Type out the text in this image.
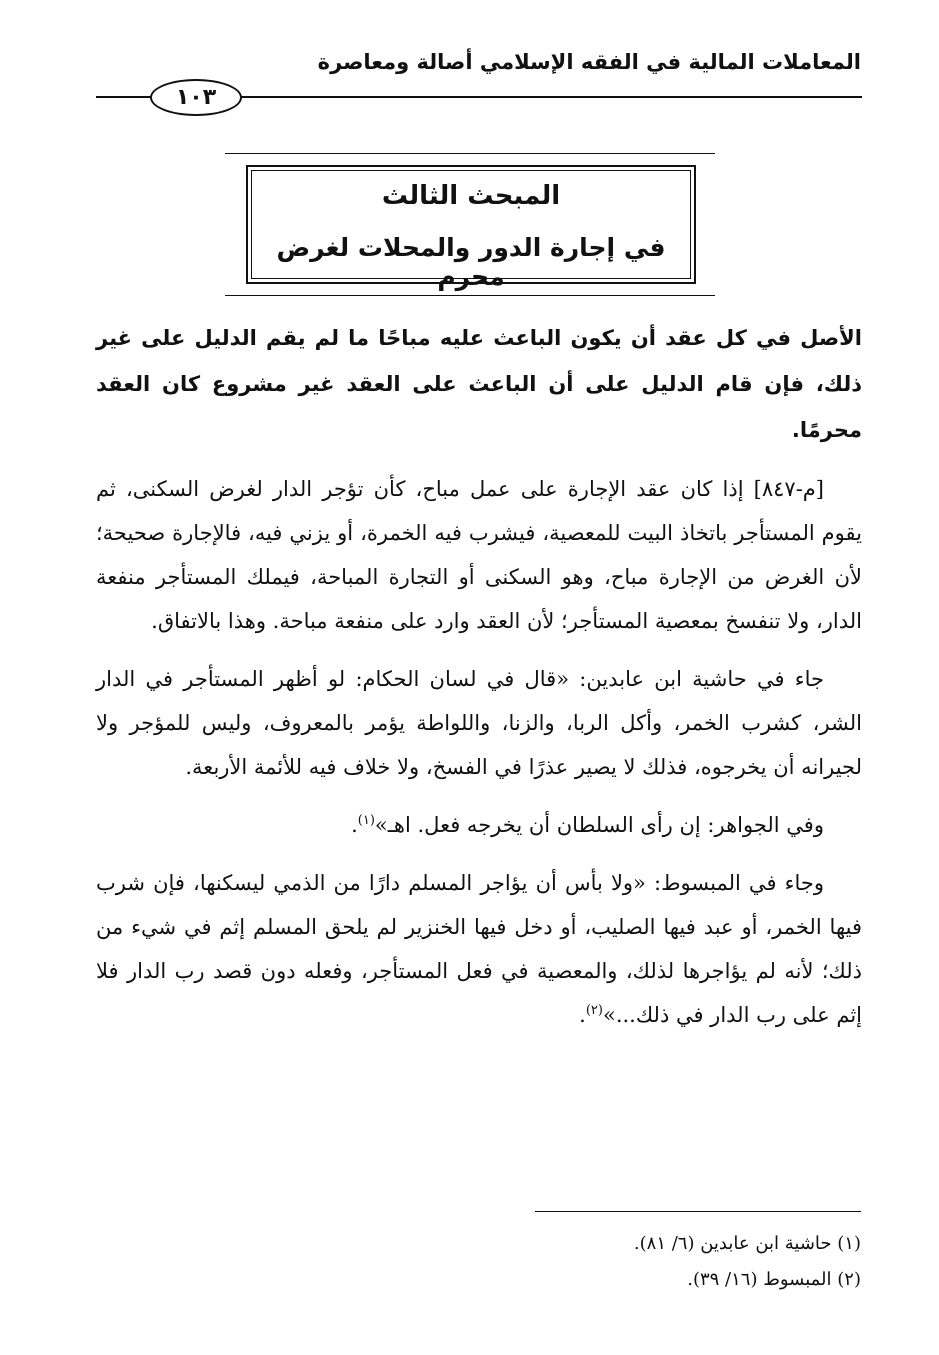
المعاملات المالية في الفقه الإسلامي أصالة ومعاصرة
١٠٣
المبحث الثالث
في إجارة الدور والمحلات لغرض محرم

الأصل في كل عقد أن يكون الباعث عليه مباحًا ما لم يقم الدليل على غير ذلك، فإن قام الدليل على أن الباعث على العقد غير مشروع كان العقد محرمًا.

[م-٨٤٧] إذا كان عقد الإجارة على عمل مباح، كأن تؤجر الدار لغرض السكنى، ثم يقوم المستأجر باتخاذ البيت للمعصية، فيشرب فيه الخمرة، أو يزني فيه، فالإجارة صحيحة؛ لأن الغرض من الإجارة مباح، وهو السكنى أو التجارة المباحة، فيملك المستأجر منفعة الدار، ولا تنفسخ بمعصية المستأجر؛ لأن العقد وارد على منفعة مباحة. وهذا بالاتفاق.

جاء في حاشية ابن عابدين: «قال في لسان الحكام: لو أظهر المستأجر في الدار الشر، كشرب الخمر، وأكل الربا، والزنا، واللواطة يؤمر بالمعروف، وليس للمؤجر ولا لجيرانه أن يخرجوه، فذلك لا يصير عذرًا في الفسخ، ولا خلاف فيه للأئمة الأربعة.

وفي الجواهر: إن رأى السلطان أن يخرجه فعل. اهـ»$^{(١)}$.

وجاء في المبسوط: «ولا بأس أن يؤاجر المسلم دارًا من الذمي ليسكنها، فإن شرب فيها الخمر، أو عبد فيها الصليب، أو دخل فيها الخنزير لم يلحق المسلم إثم في شيء من ذلك؛ لأنه لم يؤاجرها لذلك، والمعصية في فعل المستأجر، وفعله دون قصد رب الدار فلا إثم على رب الدار في ذلك...»$^{(٢)}$.

(١) حاشية ابن عابدين (٦/ ٨١).
(٢) المبسوط (١٦/ ٣٩).
